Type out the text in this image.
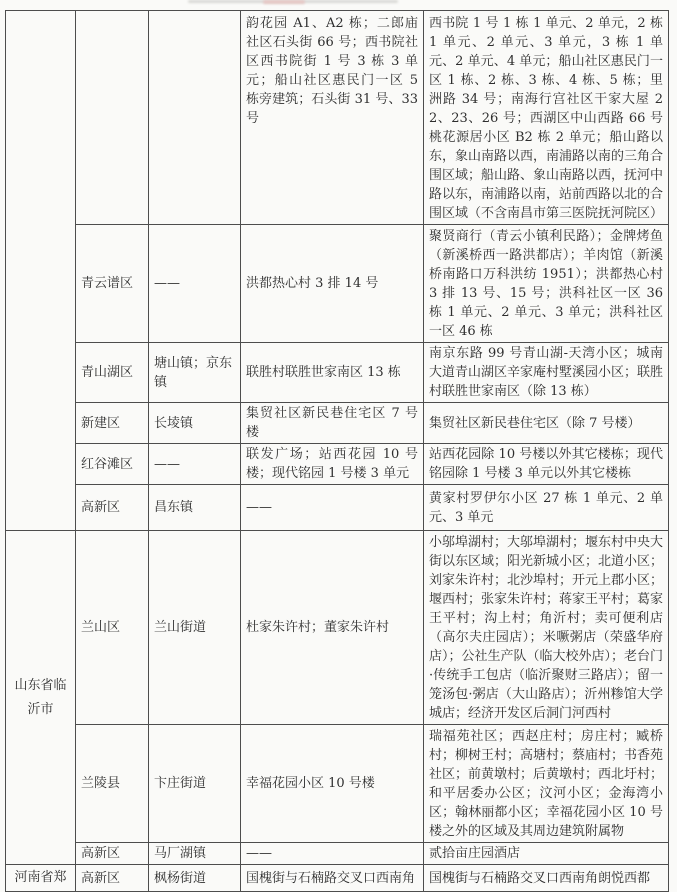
			韵花园 A1、A2 栋；二郎庙社区石头街 66 号；西书院社区西书院街 1 号 3 栋 3 单元；船山社区惠民门一区 5 栋旁建筑；石头街 31 号、33 号	西书院 1 号 1 栋 1 单元、2 单元，2 栋 1 单元、2 单元、3 单元，3 栋 1 单元、2 单元、4 单元；船山社区惠民门一区 1 栋、2 栋、3 栋、4 栋、5 栋；里洲路 34 号；南海行宫社区干家大屋 22、23、26 号；西湖区中山西路 66 号桃花源居小区 B2 栋 2 单元；船山路以东，象山南路以西，南浦路以南的三角合围区域；船山路、象山南路以西，抚河中路以东，南浦路以南，站前西路以北的合围区域（不含南昌市第三医院抚河院区）
	青云谱区	——	洪都热心村 3 排 14 号	聚贤商行（青云小镇利民路）；金牌烤鱼（新溪桥西一路洪都店）；羊肉馆（新溪桥南路口万科洪纺 1951）；洪都热心村 3 排 13 号、15 号；洪科社区一区 36 栋 1 单元、2 单元、3 单元；洪科社区一区 46 栋
	青山湖区	塘山镇；京东镇	联胜村联胜世家南区 13 栋	南京东路 99 号青山湖-天湾小区；城南大道青山湖区辛家庵村墅溪园小区；联胜村联胜世家南区（除 13 栋）
	新建区	长堎镇	集贸社区新民巷住宅区 7 号楼	集贸社区新民巷住宅区（除 7 号楼）
	红谷滩区	——	联发广场；站西花园 10 号楼；现代铭园 1 号楼 3 单元	站西花园除 10 号楼以外其它楼栋；现代铭园除 1 号楼 3 单元以外其它楼栋
	高新区	昌东镇	——	黄家村罗伊尔小区 27 栋 1 单元、2 单元、3 单元
山东省临沂市	兰山区	兰山街道	杜家朱许村；董家朱许村	小邬埠湖村；大邬埠湖村；堰东村中央大街以东区域；阳光新城小区；北道小区；刘家朱许村；北沙埠村；开元上郡小区；堰西村；张家朱许村；蒋家王平村；葛家王平村；沟上村；角沂村；卖可便利店（高尔夫庄园店）；米噘粥店（荣盛华府店）；公社生产队（临大校外店）；老台门·传统手工包店（临沂聚财三路店）；留一笼汤包·粥店（大山路店）；沂州糁馆大学城店；经济开发区后洞门河西村
	兰陵县	卞庄街道	幸福花园小区 10 号楼	瑞福苑社区；西赵庄村；房庄村；臧桥村；柳树王村；高塘村；蔡庙村；书香苑社区；前黄墩村；后黄墩村；西北圩村；和平居委办公区；汶河小区；金海湾小区；翰林丽都小区；幸福花园小区 10 号楼之外的区域及其周边建筑附属物
	高新区	马厂湖镇	——	贰拾亩庄园酒店
河南省郑	高新区	枫杨街道	国槐街与石楠路交叉口西南角	国槐街与石楠路交叉口西南角朗悦西都
